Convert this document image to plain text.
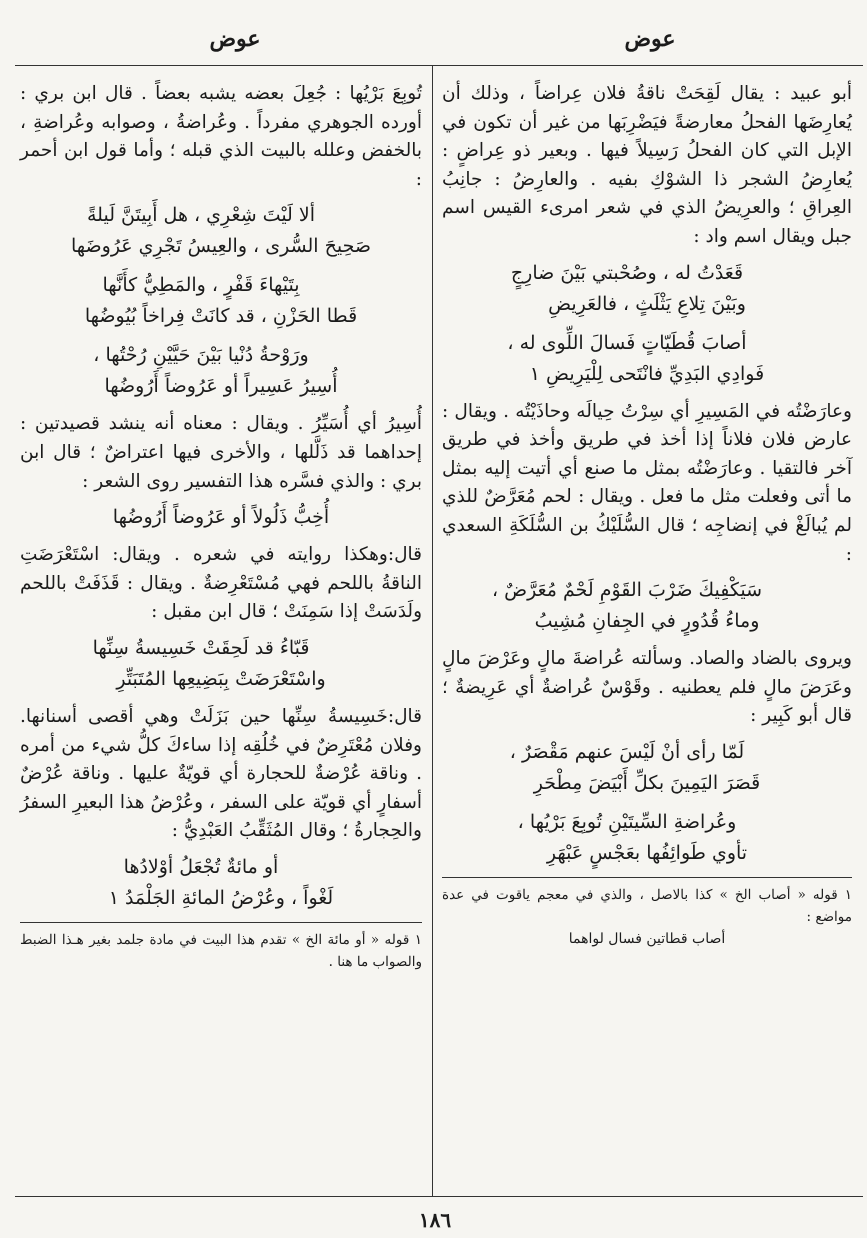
عوض
عوض

أبو عبيد : يقال لَقِحَتْ ناقةُ فلان عِراضاً ، وذلك أن يُعارِضَها الفحلُ معارضةً فيَضْرِبَها من غير أن تكون في الإبل التي كان الفحلُ رَسِيلاً فيها . وبعير ذو عِراضٍ : يُعارِضُ الشجر ذا الشوْكِ بفيه . والعارِضُ : جانِبُ العِراقِ ؛ والعرِيضُ الذي في شعر امرىء القيس اسم جبل ويقال اسم واد :

قَعَدْتُ له ، وصُحْبتي بَيْنَ ضارِجٍ
وبَيْنَ تِلاعِ يَثْلَثٍ ، فالعَرِيضِ
أصابَ قُطَيّاتٍ فَسالَ اللِّوى له ،
فَوادِي البَدِيِّ فانْتَحى لِلْيَرِيضِ ١

وعارَضْتُه في المَسِيرِ أي سِرْتُ حِيالَه وحاذَيْتُه . ويقال : عارض فلان فلاناً إذا أخذ في طريق وأخذ في طريق آخر فالتقيا . وعارَضْتُه بمثل ما صنع أي أتيت إليه بمثل ما أتى وفعلت مثل ما فعل . ويقال : لحم مُعَرَّضٌ للذي لم يُبالَغْ في إنضاجِه ؛ قال السُّلَيْكُ بن السُّلَكَةِ السعدي :

سَيَكْفِيكَ ضَرْبَ القَوْمِ لَحْمٌ مُعَرَّضٌ ،
وماءُ قُدُورٍ في الجِفانِ مُشِيبُ

ويروى بالضاد والصاد. وسألته عُراضةَ مالٍ وعَرْضَ مالٍ وعَرَضَ مالٍ فلم يعطنيه . وقَوْسٌ عُراضةٌ أي عَرِيضةٌ ؛ قال أبو كَبِير :

لَمّا رأى أنْ لَيْسَ عنهم مَقْصَرٌ ،
قَصَرَ اليَمِينَ بكلِّ أَبْيَضَ مِطْحَرِ
وعُراضةِ السِّيتَيْنِ تُوبِعَ بَرْيُها ،
تأوي طَوائِفُها بعَجْسٍ عَبْهَرِ
١ قوله « أصاب الخ » كذا بالاصل ، والذي في معجم ياقوت في عدة مواضع :
أصاب قطاتين فسال لواهما

تُوبِعَ بَرْيُها : جُعِلَ بعضه يشبه بعضاً . قال ابن بري : أورده الجوهري مفرداً . وعُراضةُ ، وصوابه وعُراضةِ ، بالخفض وعلله بالبيت الذي قبله ؛ وأما قول ابن أحمر :

ألا لَيْتَ شِعْرِي ، هل أَبِيتَنَّ لَيلةً
صَحِيحَ السُّرى ، والعِيسُ تَجْرِي عَرُوضَها
بِتَيْهاءَ قَفْرٍ ، والمَطِيُّ كأَنَّها
قَطا الحَزْنِ ، قد كانَتْ فِراخاً بُيُوضُها
ورَوْحةُ دُنْيا بَيْنَ حَيَّيْنِ رُحْتُها ،
أُسِيرُ عَسِيراً أو عَرُوضاً أَرُوضُها

أُسِيرُ أي أُسَيِّرُ . ويقال : معناه أنه ينشد قصيدتين : إحداهما قد ذَلَّلها ، والأخرى فيها اعتراضٌ ؛ قال ابن بري : والذي فسَّره هذا التفسير روى الشعر :

أُخِبُّ ذَلُولاً أو عَرُوضاً أَرُوضُها

قال:وهكذا روايته في شعره . ويقال: اسْتَعْرَضَتِ الناقةُ باللحم فهي مُسْتَعْرِضةٌ . ويقال : قَذَفَتْ باللحم ولَدَسَتْ إذا سَمِنَتْ ؛ قال ابن مقبل :

قَبّاءُ قد لَحِقَتْ خَسِيسةُ سِنِّها
واسْتَعْرَضَتْ بِبَضِيعِها المُتَبَتِّرِ

قال:خَسِيسةُ سِنِّها حين بَزَلَتْ وهي أقصى أسنانها. وفلان مُعْتَرِضٌ في خُلُقِه إذا ساءكَ كلُّ شيء من أمره . وناقة عُرْضةٌ للحجارة أي قويّةٌ عليها . وناقة عُرْضٌ أسفارٍ أي قويّة على السفر ، وعُرْضُ هذا البعيرِ السفرُ والحِجارةُ ؛ وقال المُثَقِّبُ العَبْدِيُّ :

أو مائةٌ تُجْعَلُ أوْلادُها
لَغْواً ، وعُرْضُ المائةِ الجَلْمَدُ ١
١ قوله « أو مائة الخ » تقدم هذا البيت في مادة جلمد بغير هـذا الضبط والصواب ما هنا .
١٨٦
